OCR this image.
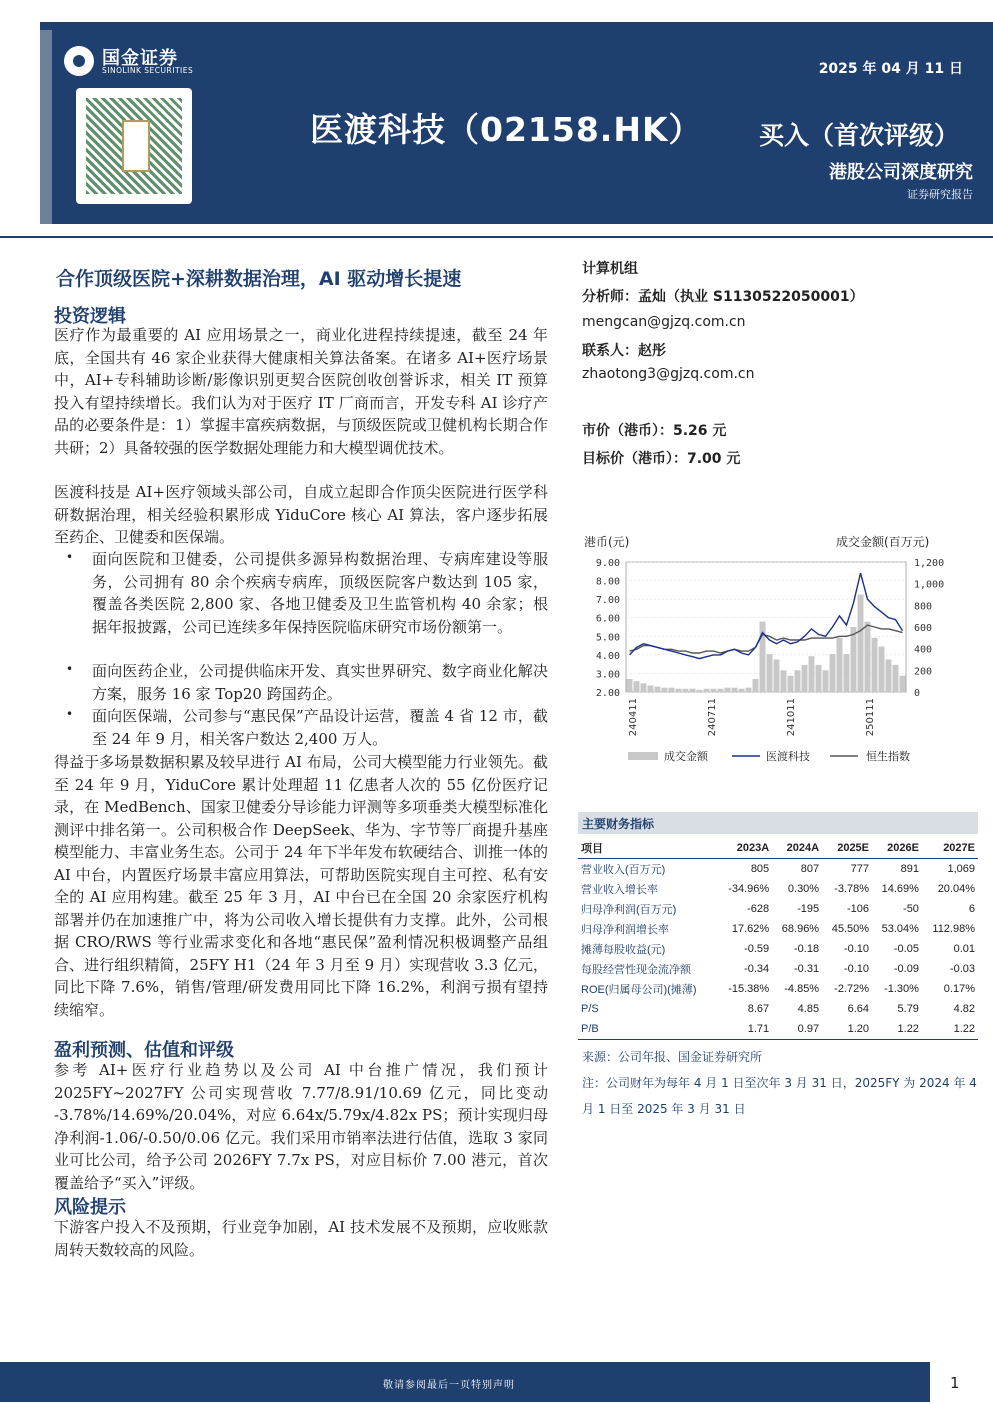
国金证券
SINOLINK SECURITIES	2025 年 04 月 11 日
医渡科技（02158.HK） 买入（首次评级）
港股公司深度研究
证券研究报告
合作顶级医院+深耕数据治理，AI 驱动增长提速
投资逻辑

医疗作为最重要的 AI 应用场景之一，商业化进程持续提速，截至 24 年底，全国共有 46 家企业获得大健康相关算法备案。在诸多 AI+医疗场景中，AI+专科辅助诊断/影像识别更契合医院创收创誉诉求，相关 IT 预算投入有望持续增长。我们认为对于医疗 IT 厂商而言，开发专科 AI 诊疗产品的必要条件是：1）掌握丰富疾病数据，与顶级医院或卫健机构长期合作共研；2）具备较强的医学数据处理能力和大模型调优技术。

医渡科技是 AI+医疗领域头部公司，自成立起即合作顶尖医院进行医学科研数据治理，相关经验积累形成 YiduCore 核心 AI 算法，客户逐步拓展至药企、卫健委和医保端。

• 面向医院和卫健委，公司提供多源异构数据治理、专病库建设等服务，公司拥有 80 余个疾病专病库，顶级医院客户数达到 105 家，覆盖各类医院 2,800 家、各地卫健委及卫生监管机构 40 余家；根据年报披露，公司已连续多年保持医院临床研究市场份额第一。

• 面向医药企业，公司提供临床开发、真实世界研究、数字商业化解决方案，服务 16 家 Top20 跨国药企。

• 面向医保端，公司参与“惠民保”产品设计运营，覆盖 4 省 12 市，截至 24 年 9 月，相关客户数达 2,400 万人。

得益于多场景数据积累及较早进行 AI 布局，公司大模型能力行业领先。截至 24 年 9 月，YiduCore 累计处理超 11 亿患者人次的 55 亿份医疗记录，在 MedBench、国家卫健委分导诊能力评测等多项垂类大模型标准化测评中排名第一。公司积极合作 DeepSeek、华为、字节等厂商提升基座模型能力、丰富业务生态。公司于 24 年下半年发布软硬结合、训推一体的 AI 中台，内置医疗场景丰富应用算法，可帮助医院实现自主可控、私有安全的 AI 应用构建。截至 25 年 3 月，AI 中台已在全国 20 余家医疗机构部署并仍在加速推广中，将为公司收入增长提供有力支撑。此外，公司根据 CRO/RWS 等行业需求变化和各地“惠民保”盈利情况积极调整产品组合、进行组织精简，25FY H1（24 年 3 月至 9 月）实现营收 3.3 亿元，同比下降 7.6%，销售/管理/研发费用同比下降 16.2%，利润亏损有望持续缩窄。

盈利预测、估值和评级

参考 AI+医疗行业趋势以及公司 AI 中台推广情况，我们预计 2025FY~2027FY 公司实现营收 7.77/8.91/10.69 亿元，同比变动 -3.78%/14.69%/20.04%，对应 6.64x/5.79x/4.82x PS；预计实现归母净利润-1.06/-0.50/0.06 亿元。我们采用市销率法进行估值，选取 3 家同业可比公司，给予公司 2026FY 7.7x PS，对应目标价 7.00 港元，首次覆盖给予“买入”评级。

风险提示

下游客户投入不及预期，行业竞争加剧，AI 技术发展不及预期，应收账款周转天数较高的风险。

计算机组
分析师：孟灿（执业 S1130522050001）
mengcan@gjzq.com.cn
联系人：赵彤
zhaotong3@gjzq.com.cn
市价（港币）：5.26 元
目标价（港币）：7.00 元
9.00
8.00
7.00
6.00
5.00
4.00
3.00
2.00
1,200
1,000
800
600
400
200
0
港币(元)	成交金额(百万元)
240411	240711	241011	250111
成交金额	医渡科技	恒生指数
主要财务指标
项目	2023A	2024A	2025E	2026E	2027E
营业收入(百万元)	805	807	777	891	1,069
营业收入增长率	-34.96%	0.30%	-3.78%	14.69%	20.04%
归母净利润(百万元)	-628	-195	-106	-50	6
归母净利润增长率	17.62%	68.96%	45.50%	53.04%	112.98%
摊薄每股收益(元)	-0.59	-0.18	-0.10	-0.05	0.01
每股经营性现金流净额	-0.34	-0.31	-0.10	-0.09	-0.03
ROE(归属母公司)(摊薄)	-15.38%	-4.85%	-2.72%	-1.30%	0.17%
P/S	8.67	4.85	6.64	5.79	4.82
P/B	1.71	0.97	1.20	1.22	1.22
来源：公司年报、国金证券研究所
注：公司财年为每年 4 月 1 日至次年 3 月 31 日，2025FY 为 2024 年 4
月 1 日至 2025 年 3 月 31 日
敬请参阅最后一页特别声明	1
